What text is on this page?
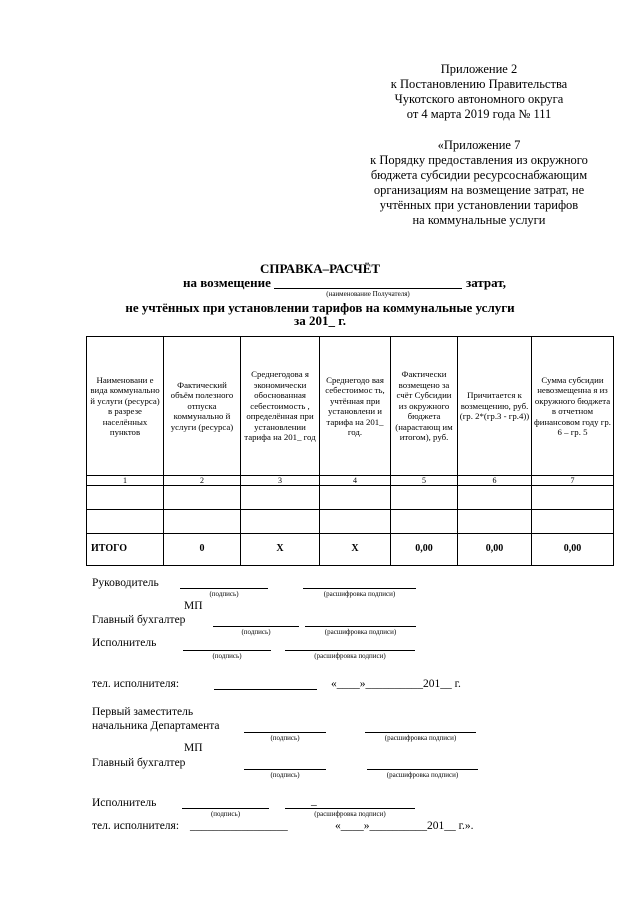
Приложение 2
к Постановлению Правительства
Чукотского автономного округа
от 4 марта 2019 года № 111
«Приложение 7
к Порядку предоставления из окружного
бюджета субсидии ресурсоснабжающим
организациям на возмещение затрат, не
учтённых при установлении тарифов
на коммунальные услуги
СПРАВКА–РАСЧЁТ
на возмещение	затрат,
(наименование Получателя)
не учтённых при установлении тарифов на коммунальные услуги
за 201_ г.
Наименовани е вида коммунально й услуги (ресурса) в разрезе населённых пунктов	Фактический объём полезного отпуска коммунально й услуги (ресурса)	Среднегодова я экономически обоснованная себестоимость , определённая при установлении тарифа на 201_ год	Среднегодо вая себестоимос ть, учтённая при установлени и тарифа на 201_ год.	Фактически возмещено за счёт Субсидии из окружного бюджета (нарастающ им итогом), руб.	Причитается к возмещению, руб. (гр. 2*(гр.3 - гр.4))	Сумма субсидии невозмещенна я из окружного бюджета в отчетном финансовом году гр. 6 – гр. 5
1	2	3	4	5	6	7

ИТОГО	0	X	X	0,00	0,00	0,00
Руководитель
(подпись)	(расшифровка подписи)
МП
Главный бухгалтер
(подпись)	(расшифровка подписи)
Исполнитель
(подпись)	(расшифровка подписи)
тел. исполнителя:	«____»__________201__ г.
Первый заместитель
начальника Департамента
(подпись)	(расшифровка подписи)
МП
Главный бухгалтер
(подпись)	(расшифровка подписи)
Исполнитель	_
(подпись)	(расшифровка подписи)
тел. исполнителя: _________________	«____»__________201__ г.».
